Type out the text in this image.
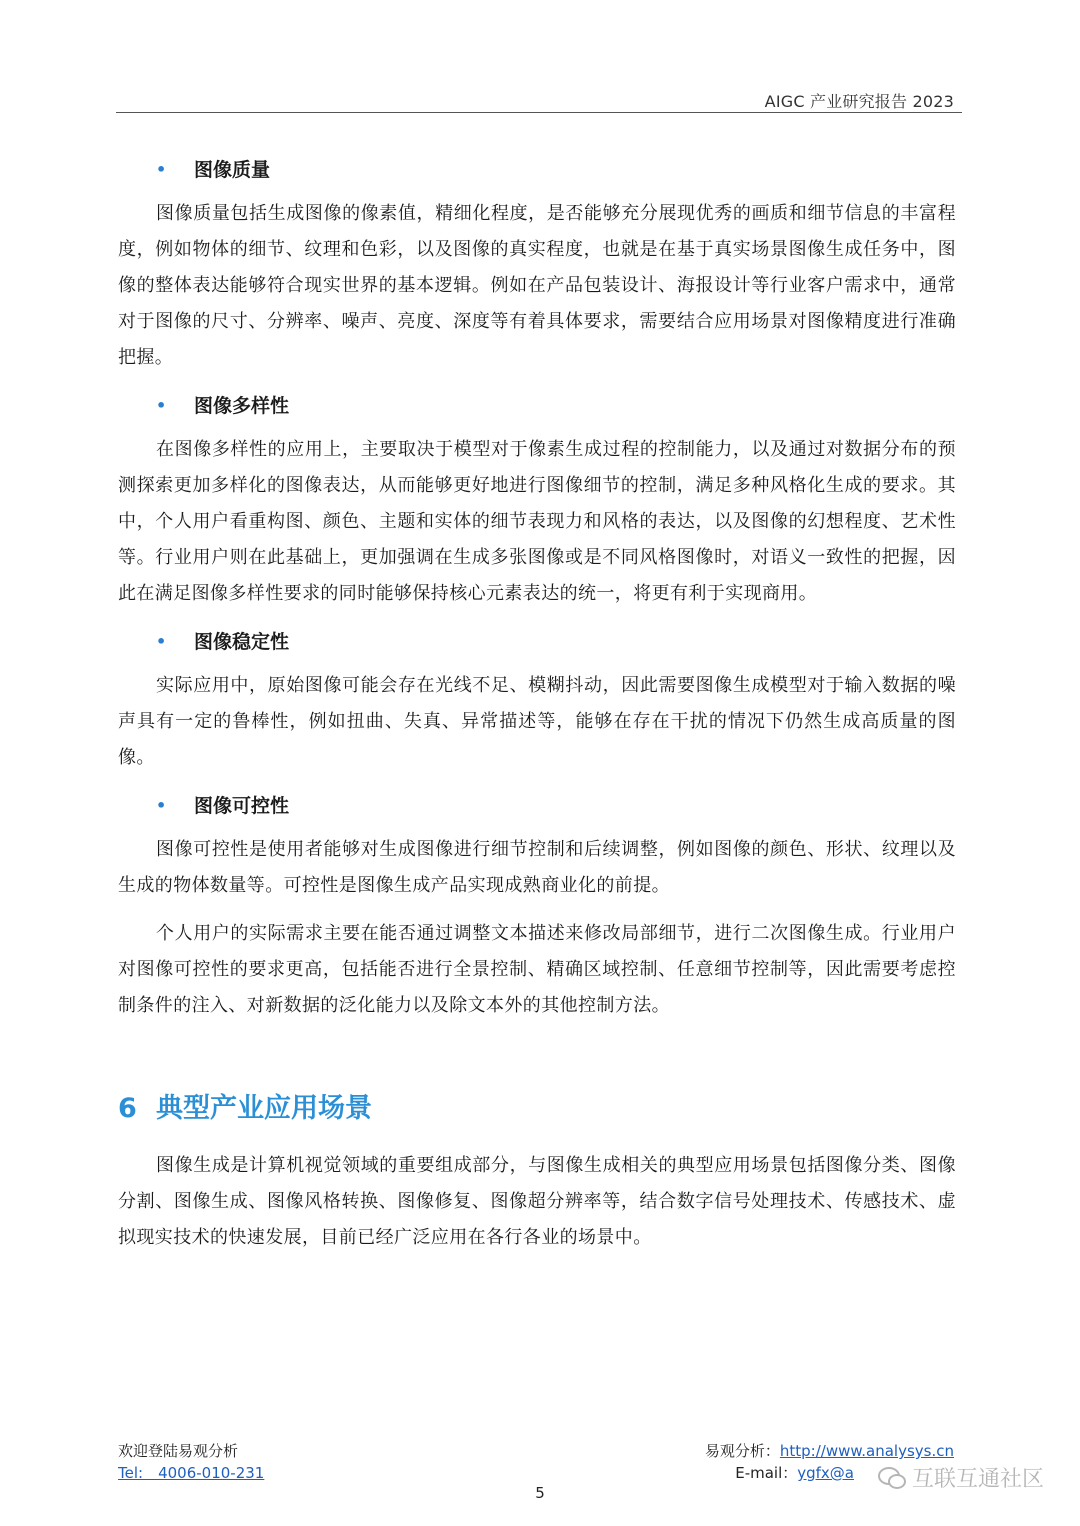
AIGC 产业研究报告 2023
• 图像质量

图像质量包括生成图像的像素值，精细化程度，是否能够充分展现优秀的画质和细节信息的丰富程度，例如物体的细节、纹理和色彩，以及图像的真实程度，也就是在基于真实场景图像生成任务中，图像的整体表达能够符合现实世界的基本逻辑。例如在产品包装设计、海报设计等行业客户需求中，通常对于图像的尺寸、分辨率、噪声、亮度、深度等有着具体要求，需要结合应用场景对图像精度进行准确把握。

• 图像多样性

在图像多样性的应用上，主要取决于模型对于像素生成过程的控制能力，以及通过对数据分布的预测探索更加多样化的图像表达，从而能够更好地进行图像细节的控制，满足多种风格化生成的要求。其中，个人用户看重构图、颜色、主题和实体的细节表现力和风格的表达，以及图像的幻想程度、艺术性等。行业用户则在此基础上，更加强调在生成多张图像或是不同风格图像时，对语义一致性的把握，因此在满足图像多样性要求的同时能够保持核心元素表达的统一，将更有利于实现商用。

• 图像稳定性

实际应用中，原始图像可能会存在光线不足、模糊抖动，因此需要图像生成模型对于输入数据的噪声具有一定的鲁棒性，例如扭曲、失真、异常描述等，能够在存在干扰的情况下仍然生成高质量的图像。

• 图像可控性

图像可控性是使用者能够对生成图像进行细节控制和后续调整，例如图像的颜色、形状、纹理以及生成的物体数量等。可控性是图像生成产品实现成熟商业化的前提。

个人用户的实际需求主要在能否通过调整文本描述来修改局部细节，进行二次图像生成。行业用户对图像可控性的要求更高，包括能否进行全景控制、精确区域控制、任意细节控制等，因此需要考虑控制条件的注入、对新数据的泛化能力以及除文本外的其他控制方法。

6 典型产业应用场景

图像生成是计算机视觉领域的重要组成部分，与图像生成相关的典型应用场景包括图像分类、图像分割、图像生成、图像风格转换、图像修复、图像超分辨率等，结合数字信号处理技术、传感技术、虚拟现实技术的快速发展，目前已经广泛应用在各行各业的场景中。

欢迎登陆易观分析
Tel:　4006-010-231
易观分析：http://www.analysys.cn
E-mail：ygfx@a	互联互通社区
5
